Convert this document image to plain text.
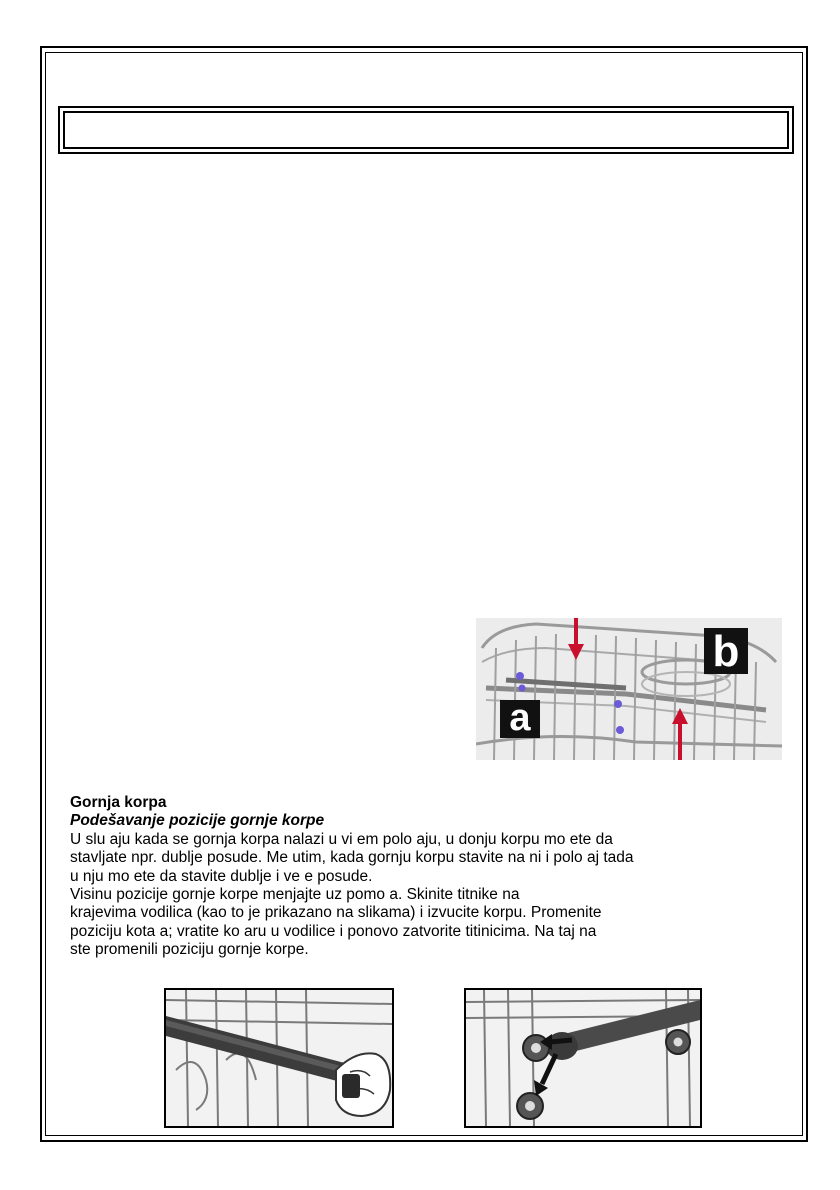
a
b
Gornja korpa
Podešavanje pozicije gornje korpe
U slu aju kada se gornja korpa nalazi u vi em polo aju, u donju korpu mo ete da
stavljate npr. dublje posude. Me utim, kada gornju korpu stavite na ni i polo aj tada
u nju mo ete da stavite dublje i ve e posude.
Visinu pozicije gornje korpe menjajte uz pomo a. Skinite titnike na
krajevima vodilica (kao to je prikazano na slikama) i izvucite korpu. Promenite
poziciju kota a; vratite ko aru u vodilice i ponovo zatvorite titinicima. Na taj na
ste promenili poziciju gornje korpe.
